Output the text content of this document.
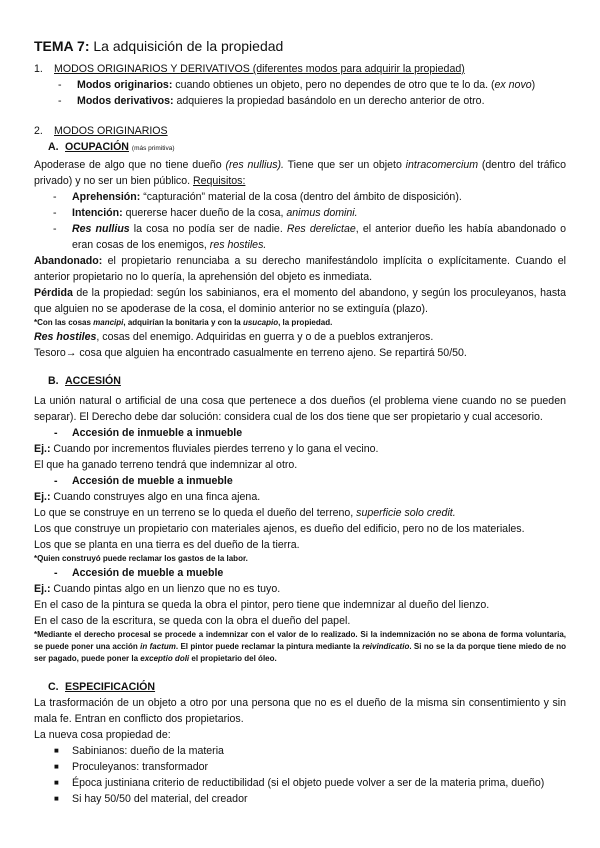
TEMA 7: La adquisición de la propiedad
1.	MODOS ORIGINARIOS Y DERIVATIVOS (diferentes modos para adquirir la propiedad)
-	Modos originarios: cuando obtienes un objeto, pero no dependes de otro que te lo da. (ex novo)
-	Modos derivativos: adquieres la propiedad basándolo en un derecho anterior de otro.
2.	MODOS ORIGINARIOS
A. OCUPACIÓN (más primitiva)

Apoderase de algo que no tiene dueño (res nullius). Tiene que ser un objeto intracomercium (dentro del tráfico privado) y no ser un bien público. Requisitos:

-	Aprehensión: “capturación” material de la cosa (dentro del ámbito de disposición).
-	Intención: quererse hacer dueño de la cosa, animus domini.
-	Res nullius la cosa no podía ser de nadie. Res derelictae, el anterior dueño les había abandonado o eran cosas de los enemigos, res hostiles.

Abandonado: el propietario renunciaba a su derecho manifestándolo implícita o explícitamente. Cuando el anterior propietario no lo quería, la aprehensión del objeto es inmediata.

Pérdida de la propiedad: según los sabinianos, era el momento del abandono, y según los proculeyanos, hasta que alguien no se apoderase de la cosa, el dominio anterior no se extinguía (plazo).

*Con las cosas mancipi, adquirían la bonitaria y con la usucapio, la propiedad.

Res hostiles, cosas del enemigo. Adquiridas en guerra y o de a pueblos extranjeros.

Tesoro→ cosa que alguien ha encontrado casualmente en terreno ajeno. Se repartirá 50/50.

B. ACCESIÓN

La unión natural o artificial de una cosa que pertenece a dos dueños (el problema viene cuando no se pueden separar). El Derecho debe dar solución: considera cual de los dos tiene que ser propietario y cual accesorio.

-	Accesión de inmueble a inmueble

Ej.: Cuando por incrementos fluviales pierdes terreno y lo gana el vecino.

El que ha ganado terreno tendrá que indemnizar al otro.

-	Accesión de mueble a inmueble

Ej.: Cuando construyes algo en una finca ajena.

Lo que se construye en un terreno se lo queda el dueño del terreno, superficie solo credit.

Los que construye un propietario con materiales ajenos, es dueño del edificio, pero no de los materiales.

Los que se planta en una tierra es del dueño de la tierra.

*Quien construyó puede reclamar los gastos de la labor.

-	Accesión de mueble a mueble

Ej.: Cuando pintas algo en un lienzo que no es tuyo.

En el caso de la pintura se queda la obra el pintor, pero tiene que indemnizar al dueño del lienzo.

En el caso de la escritura, se queda con la obra el dueño del papel.

*Mediante el derecho procesal se procede a indemnizar con el valor de lo realizado. Si la indemnización no se abona de forma voluntaria, se puede poner una acción in factum. El pintor puede reclamar la pintura mediante la reivindicatio. Si no se la da porque tiene miedo de no ser pagado, puede poner la exceptio doli el propietario del óleo.

C. ESPECIFICACIÓN

La trasformación de un objeto a otro por una persona que no es el dueño de la misma sin consentimiento y sin mala fe. Entran en conflicto dos propietarios.

La nueva cosa propiedad de:

■	Sabinianos: dueño de la materia
■	Proculeyanos: transformador
■	Época justiniana criterio de reductibilidad (si el objeto puede volver a ser de la materia prima, dueño)
■	Si hay 50/50 del material, del creador
